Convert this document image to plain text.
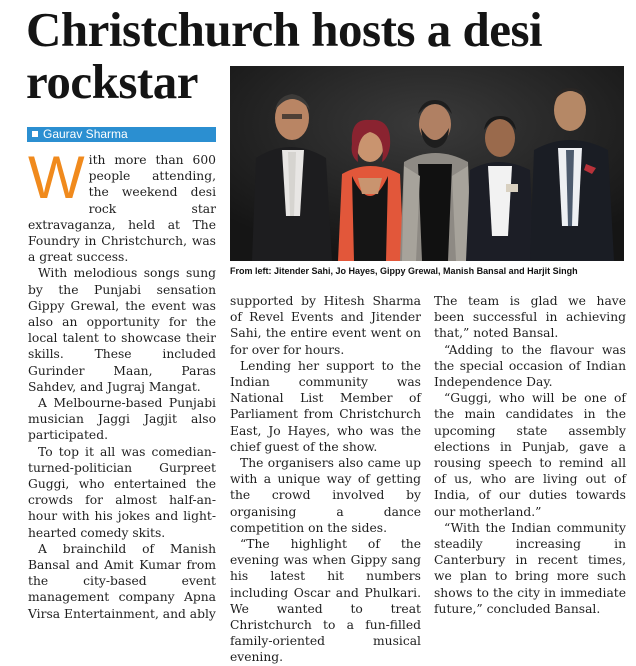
Christchurch hosts a desi
rockstar
Gaurav Sharma
From left: Jitender Sahi, Jo Hayes, Gippy Grewal, Manish Bansal and Harjit Singh
W ith more than 600 people attending, the weekend desi rock star extravaganza, held at The Foundry in Christchurch, was a great success.

With melodious songs sung by the Punjabi sensation Gippy Grewal, the event was also an opportunity for the local talent to showcase their skills. These included Gurinder Maan, Paras Sahdev, and Jugraj Mangat.

A Melbourne-based Punjabi musician Jaggi Jagjit also participated.

To top it all was comedian-turned-politician Gurpreet Guggi, who entertained the crowds for almost half-an-hour with his jokes and light-hearted comedy skits.

A brainchild of Manish Bansal and Amit Kumar from the city-based event management company Apna Virsa Entertainment, and ably

supported by Hitesh Sharma of Revel Events and Jitender Sahi, the entire event went on for over for hours.

Lending her support to the Indian community was National List Member of Parliament from Christchurch East, Jo Hayes, who was the chief guest of the show.

The organisers also came up with a unique way of getting the crowd involved by organising a dance competition on the sides.

“The highlight of the evening was when Gippy sang his latest hit numbers including Oscar and Phulkari. We wanted to treat Christchurch to a fun-filled family-oriented musical evening.

The team is glad we have been successful in achieving that,” noted Bansal.

“Adding to the flavour was the special occasion of Indian Independence Day.

“Guggi, who will be one of the main candidates in the upcoming state assembly elections in Punjab, gave a rousing speech to remind all of us, who are living out of India, of our duties towards our motherland.”

“With the Indian community steadily increasing in Canterbury in recent times, we plan to bring more such shows to the city in immediate future,” concluded Bansal.
